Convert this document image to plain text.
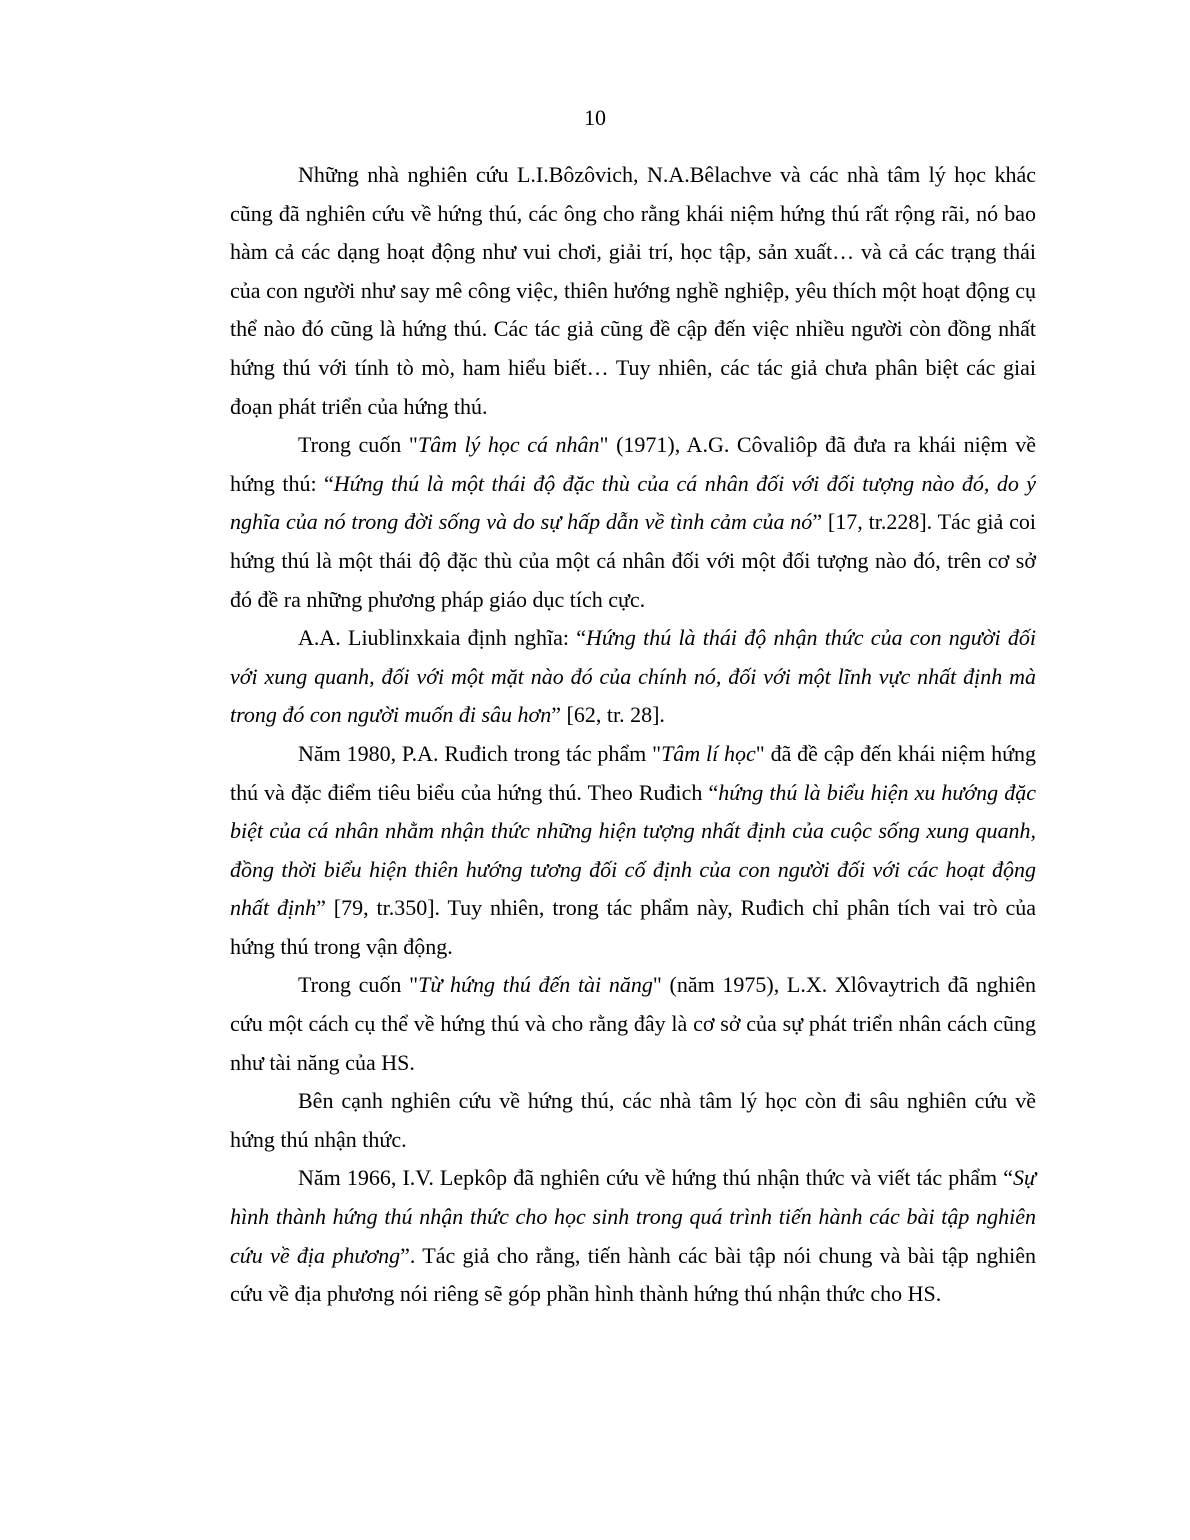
10

Những nhà nghiên cứu L.I.Bôzôvich, N.A.Bêlachve và các nhà tâm lý học khác cũng đã nghiên cứu về hứng thú, các ông cho rằng khái niệm hứng thú rất rộng rãi, nó bao hàm cả các dạng hoạt động như vui chơi, giải trí, học tập, sản xuất… và cả các trạng thái của con người như say mê công việc, thiên hướng nghề nghiệp, yêu thích một hoạt động cụ thể nào đó cũng là hứng thú. Các tác giả cũng đề cập đến việc nhiều người còn đồng nhất hứng thú với tính tò mò, ham hiểu biết… Tuy nhiên, các tác giả chưa phân biệt các giai đoạn phát triển của hứng thú.

Trong cuốn "Tâm lý học cá nhân" (1971), A.G. Côvaliôp đã đưa ra khái niệm về hứng thú: “Hứng thú là một thái độ đặc thù của cá nhân đối với đối tượng nào đó, do ý nghĩa của nó trong đời sống và do sự hấp dẫn về tình cảm của nó” [17, tr.228]. Tác giả coi hứng thú là một thái độ đặc thù của một cá nhân đối với một đối tượng nào đó, trên cơ sở đó đề ra những phương pháp giáo dục tích cực.

A.A. Liublinxkaia định nghĩa: “Hứng thú là thái độ nhận thức của con người đối với xung quanh, đối với một mặt nào đó của chính nó, đối với một lĩnh vực nhất định mà trong đó con người muốn đi sâu hơn” [62, tr. 28].

Năm 1980, P.A. Ruđich trong tác phẩm "Tâm lí học" đã đề cập đến khái niệm hứng thú và đặc điểm tiêu biểu của hứng thú. Theo Ruđich “hứng thú là biểu hiện xu hướng đặc biệt của cá nhân nhằm nhận thức những hiện tượng nhất định của cuộc sống xung quanh, đồng thời biểu hiện thiên hướng tương đối cố định của con người đối với các hoạt động nhất định” [79, tr.350]. Tuy nhiên, trong tác phẩm này, Ruđich chỉ phân tích vai trò của hứng thú trong vận động.

Trong cuốn "Từ hứng thú đến tài năng" (năm 1975), L.X. Xlôvaytrich đã nghiên cứu một cách cụ thể về hứng thú và cho rằng đây là cơ sở của sự phát triển nhân cách cũng như tài năng của HS.

Bên cạnh nghiên cứu về hứng thú, các nhà tâm lý học còn đi sâu nghiên cứu về hứng thú nhận thức.

Năm 1966, I.V. Lepkôp đã nghiên cứu về hứng thú nhận thức và viết tác phẩm “Sự hình thành hứng thú nhận thức cho học sinh trong quá trình tiến hành các bài tập nghiên cứu về địa phương”. Tác giả cho rằng, tiến hành các bài tập nói chung và bài tập nghiên cứu về địa phương nói riêng sẽ góp phần hình thành hứng thú nhận thức cho HS.
